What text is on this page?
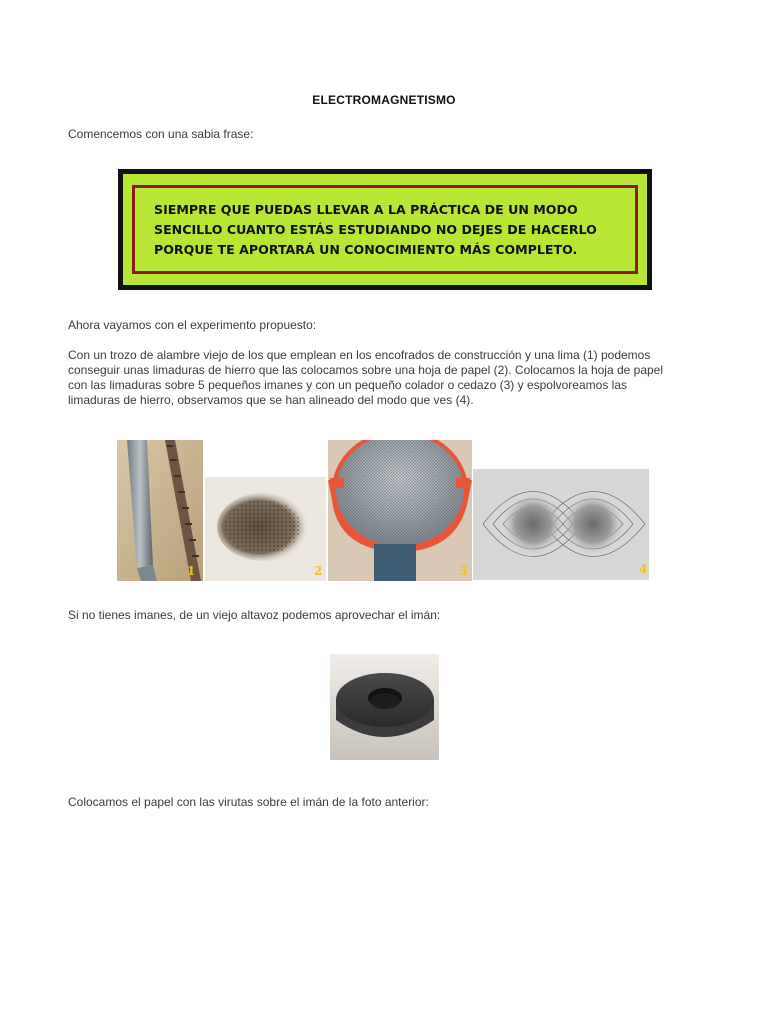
ELECTROMAGNETISMO
Comencemos con una sabia frase:
SIEMPRE QUE PUEDAS LLEVAR A LA PRÁCTICA DE UN MODO
SENCILLO CUANTO ESTÁS ESTUDIANDO NO DEJES DE HACERLO
PORQUE TE APORTARÁ UN CONOCIMIENTO MÁS COMPLETO.
Ahora vayamos con el experimento propuesto:
Con un trozo de alambre viejo de los que emplean en los encofrados de construcción y una lima (1) podemos
conseguir unas limaduras de hierro que las colocamos sobre una hoja de papel (2). Colocamos la hoja de papel
con las limaduras sobre 5 pequeños imanes y con un pequeño colador o cedazo (3) y espolvoreamos las
limaduras de hierro, observamos que se han alineado del modo que ves (4).
1	2	3	4
Si no tienes imanes, de un viejo altavoz podemos aprovechar el imán:
Colocamos el papel con las virutas sobre el imán de la foto anterior:
